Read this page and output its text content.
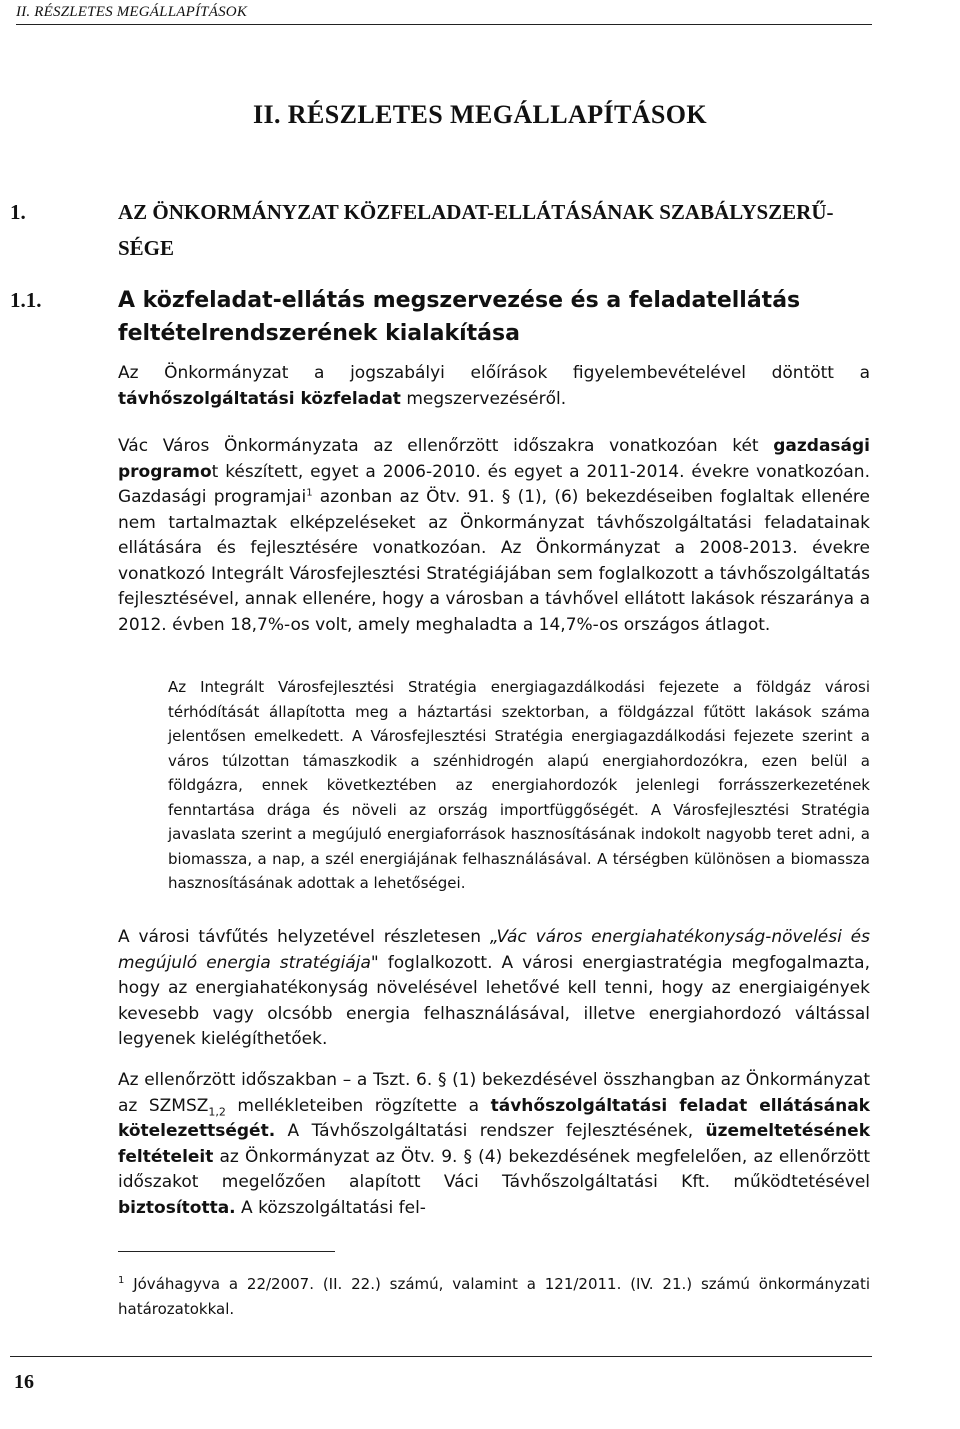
II. RÉSZLETES MEGÁLLAPÍTÁSOK
II. RÉSZLETES MEGÁLLAPÍTÁSOK
1.	AZ ÖNKORMÁNYZAT KÖZFELADAT-ELLÁTÁSÁNAK SZABÁLYSZERŰ-SÉGE
1.1.	A közfeladat-ellátás megszervezése és a feladatellátás feltételrendszerének kialakítása

Az Önkormányzat a jogszabályi előírások figyelembevételével döntött a távhőszolgáltatási közfeladat megszervezéséről.

Vác Város Önkormányzata az ellenőrzött időszakra vonatkozóan két gazdasági programot készített, egyet a 2006-2010. és egyet a 2011-2014. évekre vonatkozóan. Gazdasági programjai$^1$ azonban az Ötv. 91. § (1), (6) bekezdéseiben foglaltak ellenére nem tartalmaztak elképzeléseket az Önkormányzat távhőszolgáltatási feladatainak ellátására és fejlesztésére vonatkozóan. Az Önkormányzat a 2008-2013. évekre vonatkozó Integrált Városfejlesztési Stratégiájában sem foglalkozott a távhőszolgáltatás fejlesztésével, annak ellenére, hogy a városban a távhővel ellátott lakások részaránya a 2012. évben 18,7%-os volt, amely meghaladta a 14,7%-os országos átlagot.

Az Integrált Városfejlesztési Stratégia energiagazdálkodási fejezete a földgáz városi térhódítását állapította meg a háztartási szektorban, a földgázzal fűtött lakások száma jelentősen emelkedett. A Városfejlesztési Stratégia energiagazdálkodási fejezete szerint a város túlzottan támaszkodik a szénhidrogén alapú energiahordozókra, ezen belül a földgázra, ennek következtében az energiahordozók jelenlegi forrásszerkezetének fenntartása drága és növeli az ország importfüggőségét. A Városfejlesztési Stratégia javaslata szerint a megújuló energiaforrások hasznosításának indokolt nagyobb teret adni, a biomassza, a nap, a szél energiájának felhasználásával. A térségben különösen a biomassza hasznosításának adottak a lehetőségei.

A városi távfűtés helyzetével részletesen „Vác város energiahatékonyság-növelési és megújuló energia stratégiája" foglalkozott. A városi energiastratégia megfogalmazta, hogy az energiahatékonyság növelésével lehetővé kell tenni, hogy az energiaigények kevesebb vagy olcsóbb energia felhasználásával, illetve energiahordozó váltással legyenek kielégíthetőek.

Az ellenőrzött időszakban – a Tszt. 6. § (1) bekezdésével összhangban az Önkormányzat az $SZMSZ_{1,2}$ mellékleteiben rögzítette a távhőszolgáltatási feladat ellátásának kötelezettségét. A Távhőszolgáltatási rendszer fejlesztésének, üzemeltetésének feltételeit az Önkormányzat az Ötv. 9. § (4) bekezdésének megfelelően, az ellenőrzött időszakot megelőzően alapított Váci Távhőszolgáltatási Kft. működtetésével biztosította. A közszolgáltatási fel-

$^1$ Jóváhagyva a 22/2007. (II. 22.) számú, valamint a 121/2011. (IV. 21.) számú önkormányzati határozatokkal.

16
